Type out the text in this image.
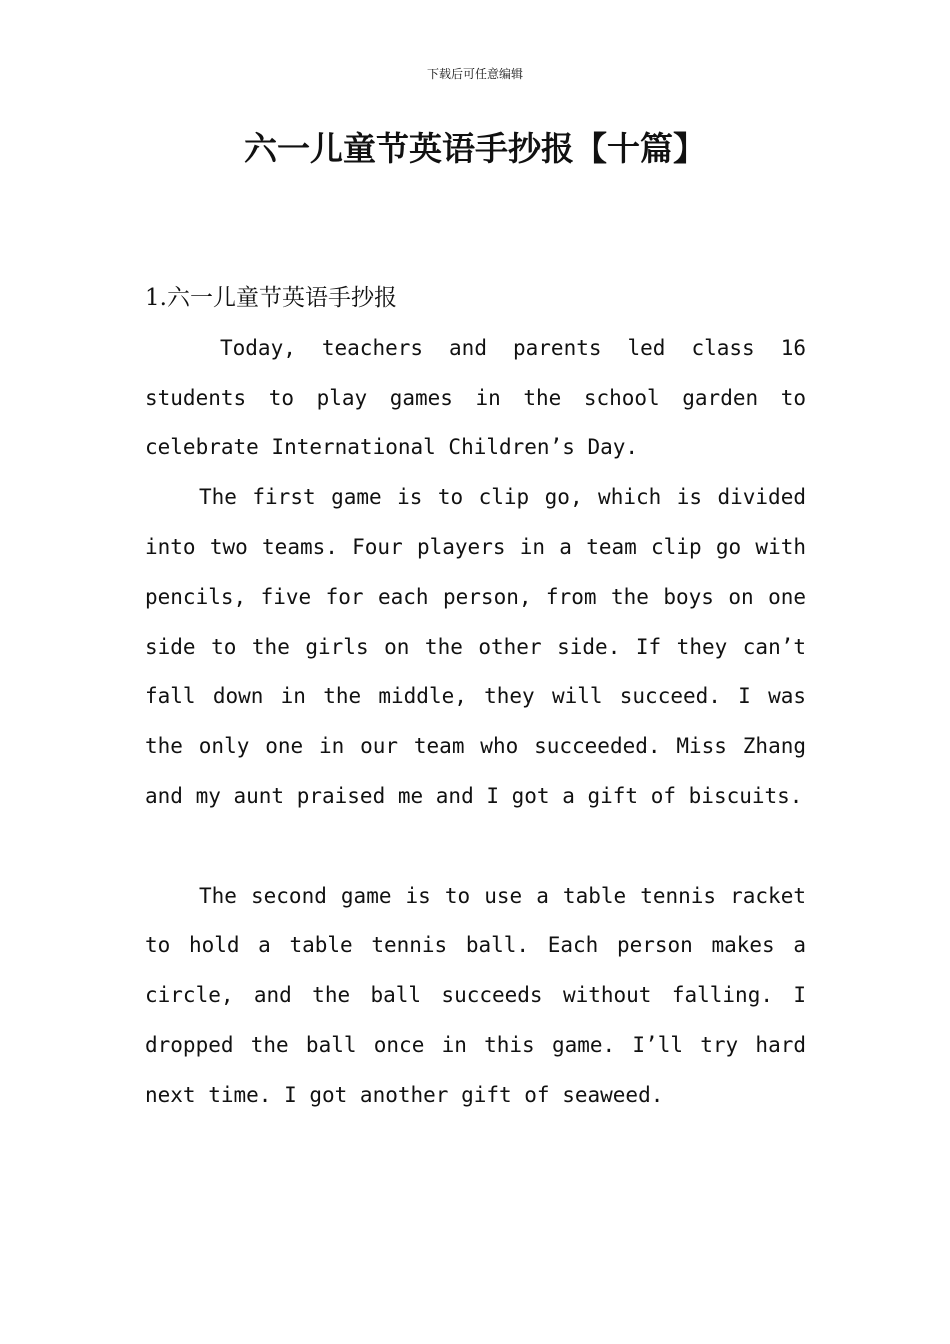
下载后可任意编辑
六一儿童节英语手抄报【十篇】
1.六一儿童节英语手抄报

Today, teachers and parents led class 16 students to play games in the school garden to celebrate International Children’s Day.

The first game is to clip go, which is divided into two teams. Four players in a team clip go with pencils, five for each person, from the boys on one side to the girls on the other side. If they can’t fall down in the middle, they will succeed. I was the only one in our team who succeeded. Miss Zhang and my aunt praised me and I got a gift of biscuits.

The second game is to use a table tennis racket to hold a table tennis ball. Each person makes a circle, and the ball succeeds without falling. I dropped the ball once in this game. I’ll try hard next time. I got another gift of seaweed.
